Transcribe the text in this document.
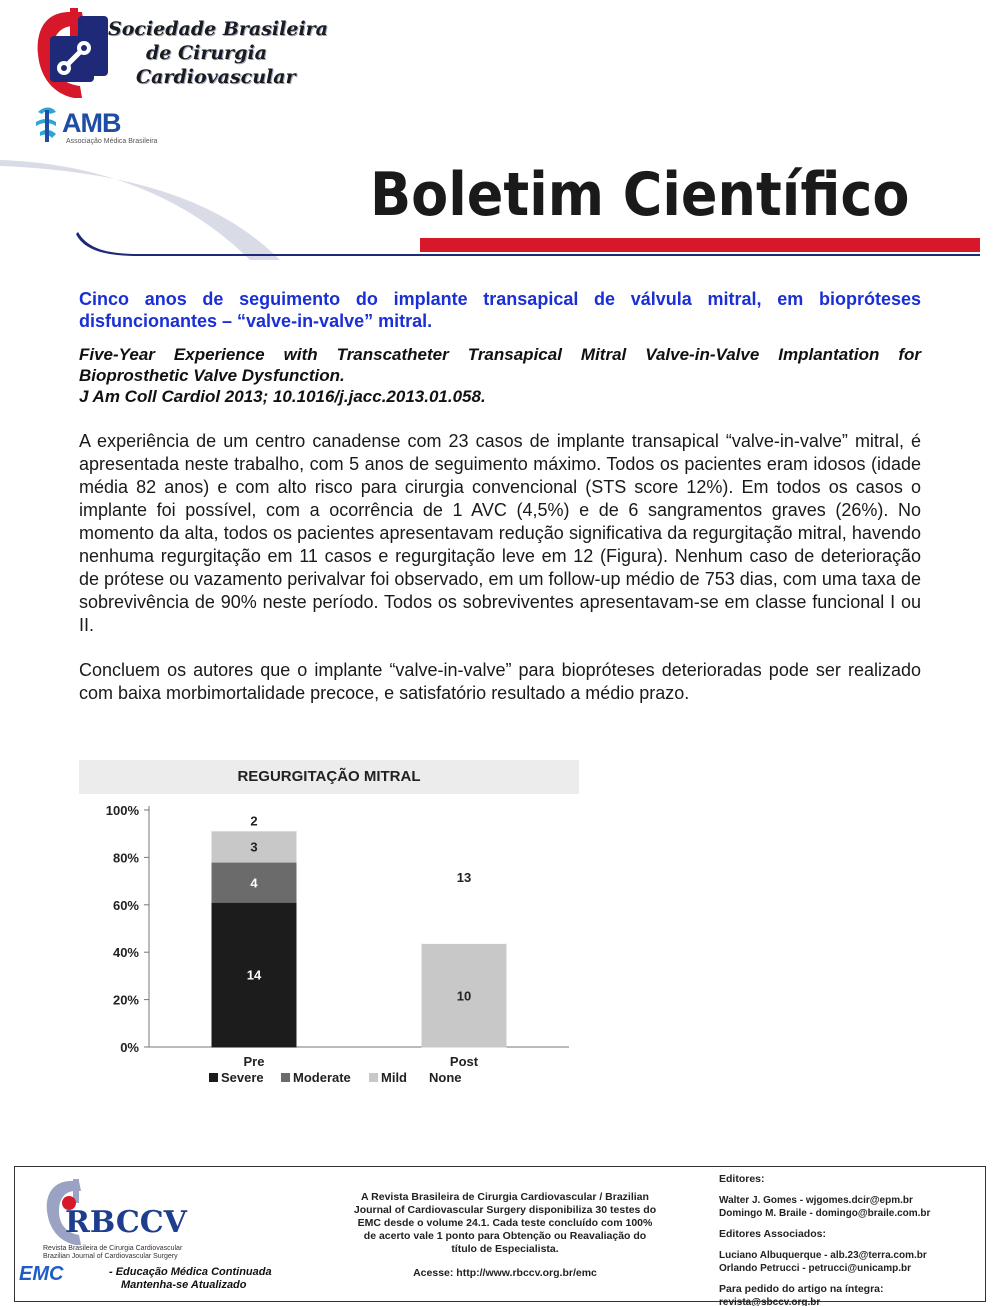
Sociedade Brasileira
de Cirurgia
Cardiovascular
AMB
Associação Médica Brasileira
Boletim Científico
Cinco anos de seguimento do implante transapical de válvula mitral, em biopróteses disfuncionantes – “valve-in-valve” mitral.
Five-Year Experience with Transcatheter Transapical Mitral Valve-in-Valve Implantation for Bioprosthetic Valve Dysfunction.
J Am Coll Cardiol 2013; 10.1016/j.jacc.2013.01.058.

A experiência de um centro canadense com 23 casos de implante transapical “valve-in-valve” mitral, é apresentada neste trabalho, com 5 anos de seguimento máximo. Todos os pacientes eram idosos (idade média 82 anos) e com alto risco para cirurgia convencional (STS score 12%). Em todos os casos o implante foi possível, com a ocorrência de 1 AVC (4,5%) e de 6 sangramentos graves (26%). No momento da alta, todos os pacientes apresentavam redução significativa da regurgitação mitral, havendo nenhuma regurgitação em 11 casos e regurgitação leve em 12 (Figura). Nenhum caso de deterioração de prótese ou vazamento perivalvar foi observado, em um follow-up médio de 753 dias, com uma taxa de sobrevivência de 90% neste período. Todos os sobreviventes apresentavam-se em classe funcional I ou II.

Concluem os autores que o implante “valve-in-valve” para biopróteses deterioradas pode ser realizado com baixa morbimortalidade precoce, e satisfatório resultado a médio prazo.

REGURGITAÇÃO MITRAL
0%
20%
40%
60%
80%
100%
14
4
3
2
Pre
10
13
Post
Severe Moderate Mild None
RBCCV
Revista Brasileira de Cirurgia Cardiovascular
Brazilian Journal of Cardiovascular Surgery
EMC	- Educação Médica Continuada
Mantenha-se Atualizado
A Revista Brasileira de Cirurgia Cardiovascular / Brazilian
Journal of Cardiovascular Surgery disponibiliza 30 testes do
EMC desde o volume 24.1. Cada teste concluído com 100%
de acerto vale 1 ponto para Obtenção ou Reavaliação do
título de Especialista.
Acesse: http://www.rbccv.org.br/emc
Editores:
Walter J. Gomes - wjgomes.dcir@epm.br
Domingo M. Braile - domingo@braile.com.br
Editores Associados:
Luciano Albuquerque - alb.23@terra.com.br
Orlando Petrucci - petrucci@unicamp.br
Para pedido do artigo na íntegra:
revista@sbccv.org.br
